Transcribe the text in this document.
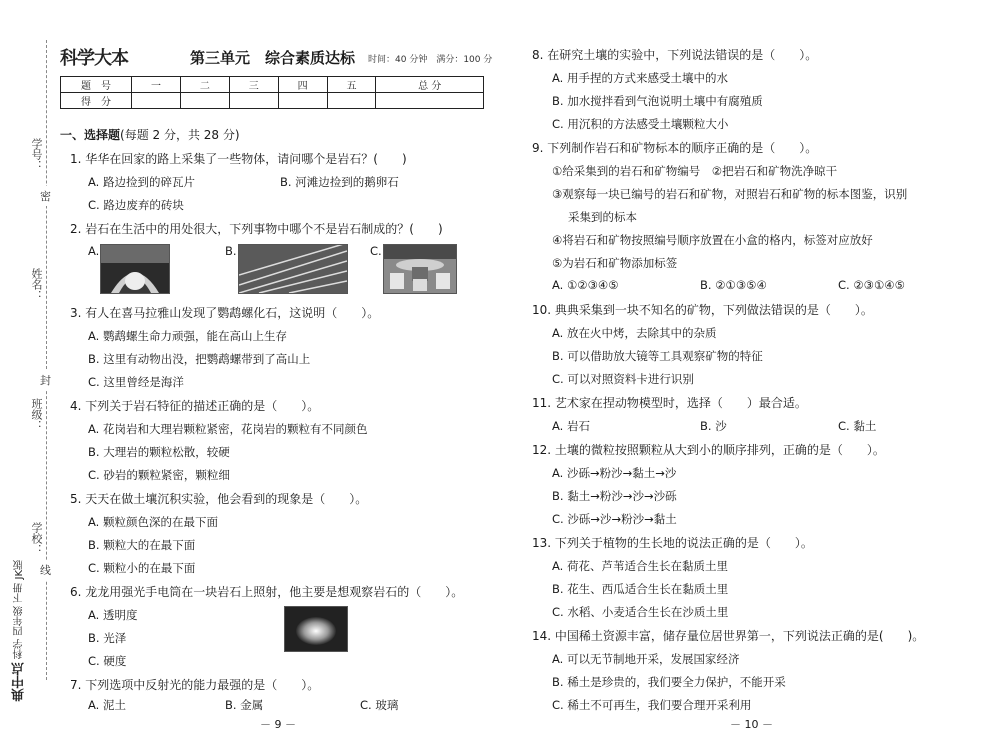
学号：
姓名：
班级：
学校：
密
封
线
典中点 科学 四年级 下册 JK版
科学大本	第三单元　综合素质达标 时间：40 分钟　满分：100 分
题　号	一	二	三	四	五	总 分
得　分						
一、选择题(每题 2 分，共 28 分)
1. 华华在回家的路上采集了一些物体，请问哪个是岩石？(　　)
A. 路边捡到的碎瓦片	B. 河滩边捡到的鹅卵石
C. 路边废弃的砖块
2. 岩石在生活中的用处很大，下列事物中哪个不是岩石制成的？(　　)
A.	B.	C.
3. 有人在喜马拉雅山发现了鹦鹉螺化石，这说明（　　）。
A. 鹦鹉螺生命力顽强，能在高山上生存
B. 这里有动物出没，把鹦鹉螺带到了高山上
C. 这里曾经是海洋
4. 下列关于岩石特征的描述正确的是（　　）。
A. 花岗岩和大理岩颗粒紧密，花岗岩的颗粒有不同颜色
B. 大理岩的颗粒松散，较硬
C. 砂岩的颗粒紧密，颗粒细
5. 天天在做土壤沉积实验，他会看到的现象是（　　）。
A. 颗粒颜色深的在最下面
B. 颗粒大的在最下面
C. 颗粒小的在最下面
6. 龙龙用强光手电筒在一块岩石上照射，他主要是想观察岩石的（　　）。
A. 透明度
B. 光泽
C. 硬度
7. 下列选项中反射光的能力最强的是（　　）。
A. 泥土	B. 金属	C. 玻璃
－ 9 －
8. 在研究土壤的实验中，下列说法错误的是（　　）。
A. 用手捏的方式来感受土壤中的水
B. 加水搅拌看到气泡说明土壤中有腐殖质
C. 用沉积的方法感受土壤颗粒大小
9. 下列制作岩石和矿物标本的顺序正确的是（　　）。
①给采集到的岩石和矿物编号　②把岩石和矿物洗净晾干
③观察每一块已编号的岩石和矿物，对照岩石和矿物的标本图鉴，识别
采集到的标本
④将岩石和矿物按照编号顺序放置在小盒的格内，标签对应放好
⑤为岩石和矿物添加标签
A. ①②③④⑤	B. ②①③⑤④	C. ②③①④⑤
10. 典典采集到一块不知名的矿物，下列做法错误的是（　　）。
A. 放在火中烤，去除其中的杂质
B. 可以借助放大镜等工具观察矿物的特征
C. 可以对照资料卡进行识别
11. 艺术家在捏动物模型时，选择（　　）最合适。
A. 岩石	B. 沙	C. 黏土
12. 土壤的微粒按照颗粒从大到小的顺序排列，正确的是（　　）。
A. 沙砾→粉沙→黏土→沙
B. 黏土→粉沙→沙→沙砾
C. 沙砾→沙→粉沙→黏土
13. 下列关于植物的生长地的说法正确的是（　　）。
A. 荷花、芦苇适合生长在黏质土里
B. 花生、西瓜适合生长在黏质土里
C. 水稻、小麦适合生长在沙质土里
14. 中国稀土资源丰富，储存量位居世界第一，下列说法正确的是(　　)。
A. 可以无节制地开采，发展国家经济
B. 稀土是珍贵的，我们要全力保护，不能开采
C. 稀土不可再生，我们要合理开采利用
－ 10 －
